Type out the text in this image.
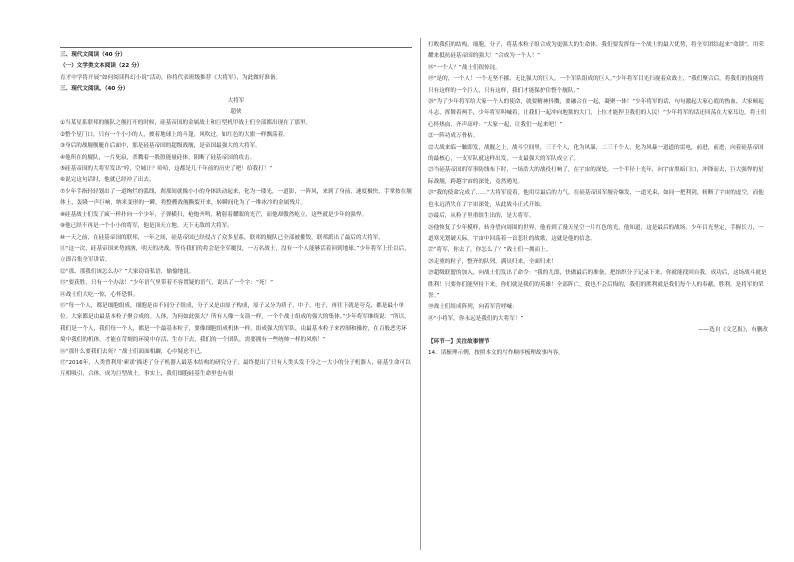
三、现代文阅读（40 分）

（一）文学类文本阅读（22 分）

育才中学将开展“如何阅读科幻小说”活动，你将代表班级推荐《大将军》，为此做好准备。

三、现代文阅读。（40 分）

大将军

超侠

①当某星系联邦的舰队之舰打开的时候，硅基帝国的金属战士和巨型机甲战士们全部都出现在了那里。

②整个星门口，只有一个小小的人，披着地球上的斗篷，风吹过，如红色的大旗一样飘荡着。

③身后的战舰舰艇在后面中，那是硅基帝国的超级战舰，是帝国最强大的大将军。

④他所在的舰队，一片死寂，杀戮着一股股能量硅体，阻断了硅基帝国的攻击。

⑤硅基帝国的大将军发出“哼，空城计？哈哈，这都是几千年前的历史了吧！给我打！”

⑥说完这句话时，他就已经冲了出去。

⑦少年手指轻轻划出了一道绚烂的弧线，刹那间就像小小的身体跃动起来，化为一缕光，一道影，一阵风，来到了身前，速度极快，手掌按在舰体上，轰隆一声巨响，纳米变形的一瞬，将整艘战舰撕裂开来，转瞬间化为了一堆冰冷的金属残片。

⑧硅基战士们发了疯一样扑向一个少年，子弹横扫，枪炮齐鸣，精射着耀眼的光芒，而他却傲然屹立，这些就是少年的强悍。

⑨他已经不再是一个小小的将军，他是顶天立地、天下无敌的大将军。

⑩一天之前，在硅基帝国的联邦，一年之间，硅基帝国已经侵占了众多星系，联邦的舰队已全部被摧毁，联邦派出了最后的大将军。

⑪“这一次，硅基帝国来势汹汹，明天的决战，等待我们的将会是全军覆没，一万名战士，没有一个人能够活着回到地球。”少年将军上任以后，立即召集全军讲话。

⑫“那、那我们该怎么办？”大家窃窃私语，愉愉地说。

⑬“要获胜，只有一个办法！”少年语气里带着不容置疑的语气，说出了一个字：“死！”

⑭战士们大吃一惊，心怀恐惧。

⑮“每一个人，都是细胞组成，细胞是由不同分子组成，分子又是由原子构成，原子又分为质子、中子、电子，再往下就是夸克，都是最小单位。大家都是由最基本粒子聚合成的。人体，为何如此强大？所有人像一支箭一样，一个个战士组成的强大的集体。”少年将军继续说：“所以，我们是一个人，我们每一个人，都是一个最基本粒子，要像细胞组成机体一样，组成强大的军队，由最基本粒子来控制和操控，在百般恶劣环境中我们的机体，才能在苛刻的环境中存活、生存下去，我们的一个团队，需要拥有一些统帅一样的风格！”

⑯“那什么要我们去死？”战士们面面相觑，心中疑虑不已。

⑰“2016年，人类曾利用‘索诺’描述了分子机器人最基本结构的研究分子，最终提出了只有人类头发千分之一大小的分子机器人，硅基生命可以互相吸引、合体，成为巨型战士。事实上，我们细胞硅基生命里也有很

打败我们的结构，细胞，分子，将基本粒子组合成为更强大的生命体。我们要发挥每一个战士的最大优势，将全军团结起来“命锁”，用荣耀来抵抗硅基帝国的强大！”合成为一个人！”

⑱“一个人？”战士们很惊诧。

⑲“是的，一个人！一个无坚不摧、无比强大的巨人，一个军队组成的巨人。”少年将军目光扫视着众战士，“我们聚合后，将我们的技能将只有这样的一个巨人，只有这样，我们才能保护住整个舰队。”

⑳“为了少年将军给大家一个人的使命，就要精神抖擞，要融合在一起，凝聚一体！”少年将军的话，句句激起大家心底的热血，大家顿起斗志，挥舞着两手，少年将军叫喊着，让我们一起冲向地狱的大门，上位才能捍卫我们的人民！”少年将军的话还回荡在大家耳边，将士们心怀热血，齐声高呼：“大家一起，让我们一起来吧！”

㉑一阵功成万骨枯。

㉒大战来临一触即发，战舰之上，战斗空间里，三千个人，化为风暴，二三千个人，化为风暴一道道的雷电，前进，前进，向着硅基帝国的最核心，一支军队就这样出发，一支最强大的军队成立了。

㉓当硅基帝国的军事防线布下时，一场浩大的战役打响了，在宇宙的深处，一个半径十光年，向宇宙黑暗门口，冲锋而去，巨大强悍的星际战舰，跨越宇宙的深处，竟然遇见。

㉔“我的使命完成了……”大将军说着，他用尽最后的力气，在硅基帝国军舰旁爆发，一道光束，如同一把利剑，斩断了宇宙的虚空，而他也永远消失在了宇宙深处，从此战斗正式开始。

㉕最后，从粒子里重组生出的，是大将军。

㉖他恢复了少年模样，转身望向周围的世界，他看到了漫天星空一片红色的光，他知道，这是最后的战场。少年目光坚定，手握长刀，一道寒光划破天际，宇宙中回荡着一首悲壮的战歌，这就是他的信念。

㉗“将军，你去了，你怎么了？”战士们一拥而上。

㉘走重的粒子，整齐的队列，满员归来，全面归来！

㉙超级联盟的加入，向战士们发出了命令：“我的儿郎，快做最后的准备，把组织分子记录下来，你就能找回自我，成功后，这场战斗就是胜利！只要你们能坚持下来，你们就是我们的英雄！全部阵亡，我也不会后悔的，我们的胜利就是我们每个人的奉献，胜利，是将军的荣誉。”

㉚战士们组成阵列，向着军营呼喊：

㉛“小将军，你永远是我们的大将军！”

——选自《文艺报》，有删改

【环节一】关注故事情节

14．请梳理示例，按照本文的写作顺序梳理故事内容。
